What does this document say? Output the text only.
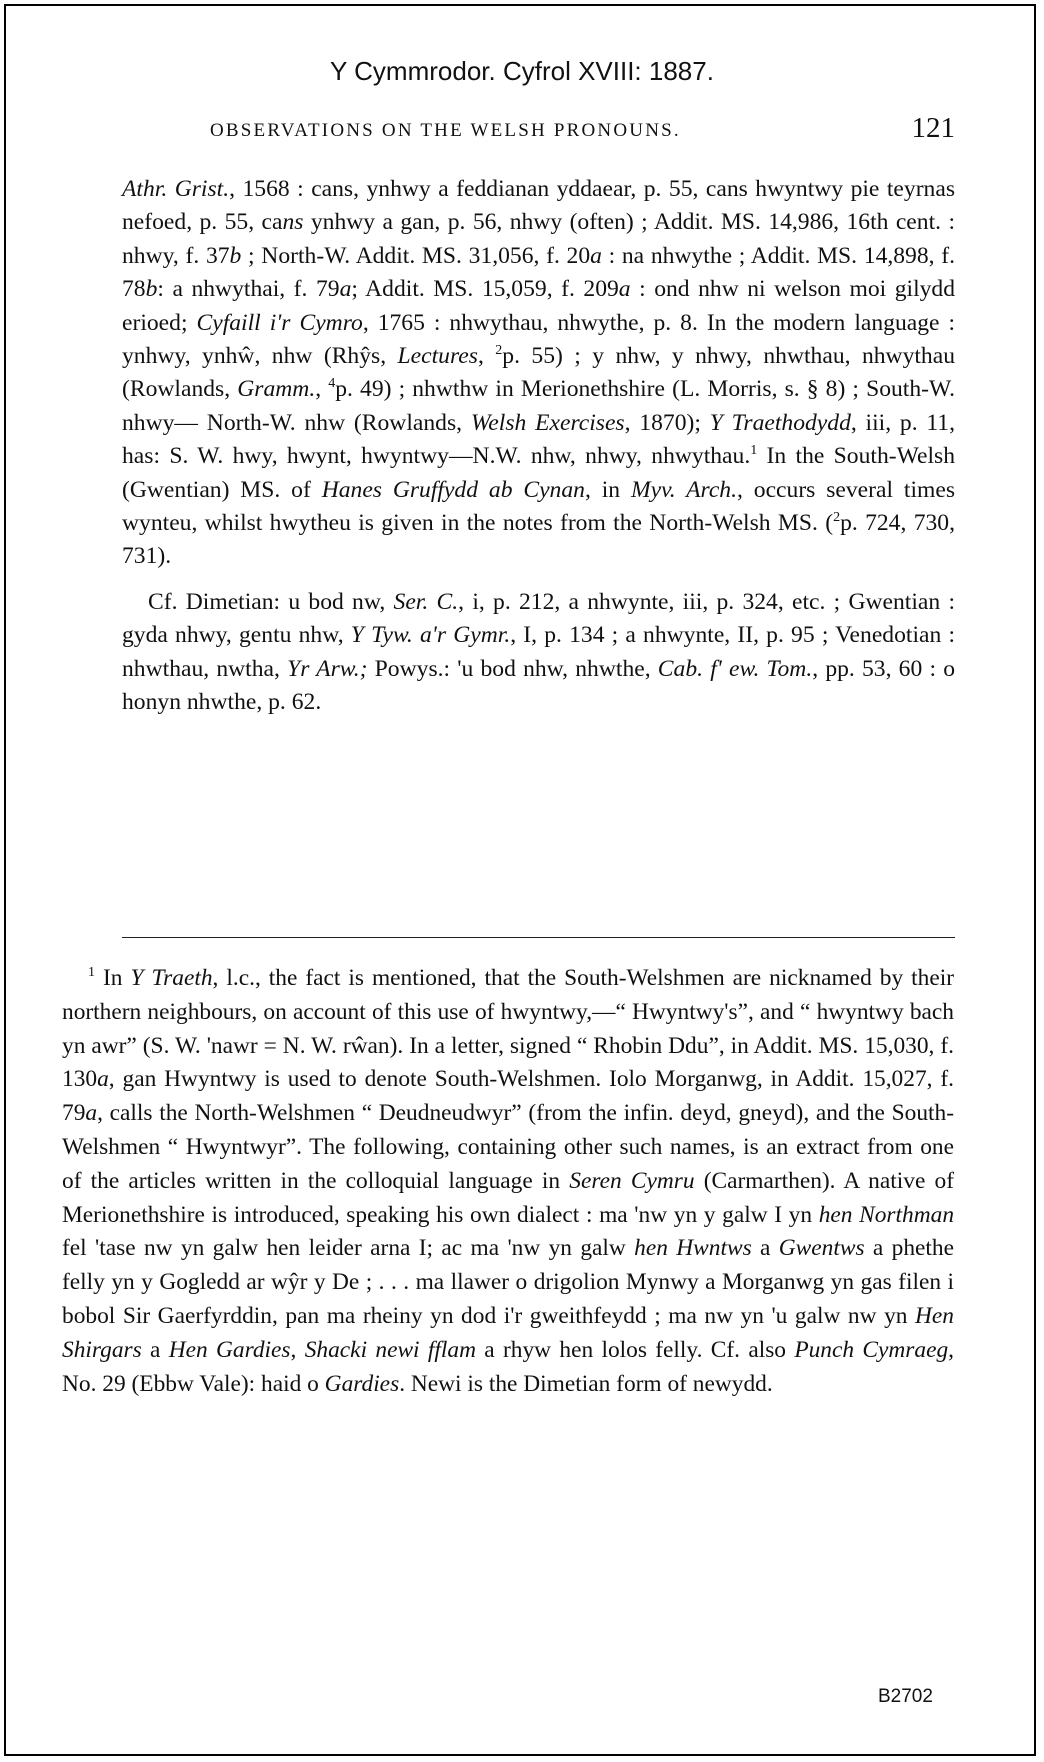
Y Cymmrodor. Cyfrol XVIII: 1887.
OBSERVATIONS ON THE WELSH PRONOUNS.	121

Athr. Grist., 1568 : cans, ynhwy a feddianan yddaear, p. 55, cans hwyntwy pie teyrnas nefoed, p. 55, cans ynhwy a gan, p. 56, nhwy (often) ; Addit. MS. 14,986, 16th cent. : nhwy, f. 37b ; North-W. Addit. MS. 31,056, f. 20a : na nhwythe ; Addit. MS. 14,898, f. 78b: a nhwythai, f. 79a; Addit. MS. 15,059, f. 209a : ond nhw ni welson moi gilydd erioed; Cyfaill i'r Cymro, 1765 : nhwythau, nhwythe, p. 8. In the modern language : ynhwy, ynhŵ, nhw (Rhŷs, Lectures, $^2$p. 55) ; y nhw, y nhwy, nhwthau, nhwythau (Rowlands, Gramm., $^4$p. 49) ; nhwthw in Merionethshire (L. Morris, s. § 8) ; South-W. nhwy— North-W. nhw (Rowlands, Welsh Exercises, 1870); Y Traethodydd, iii, p. 11, has: S. W. hwy, hwynt, hwyntwy—N.W. nhw, nhwy, nhwythau.$^1$ In the South-Welsh (Gwentian) MS. of Hanes Gruffydd ab Cynan, in Myv. Arch., occurs several times wynteu, whilst hwytheu is given in the notes from the North-Welsh MS. ($^2$p. 724, 730, 731).

Cf. Dimetian: u bod nw, Ser. C., i, p. 212, a nhwynte, iii, p. 324, etc. ; Gwentian : gyda nhwy, gentu nhw, Y Tyw. a'r Gymr., I, p. 134 ; a nhwynte, II, p. 95 ; Venedotian : nhwthau, nwtha, Yr Arw.; Powys.: 'u bod nhw, nhwthe, Cab. f' ew. Tom., pp. 53, 60 : o honyn nhwthe, p. 62.

$^1$ In Y Traeth, l.c., the fact is mentioned, that the South-Welshmen are nicknamed by their northern neighbours, on account of this use of hwyntwy,—“ Hwyntwy's”, and “ hwyntwy bach yn awr” (S. W. 'nawr = N. W. rŵan). In a letter, signed “ Rhobin Ddu”, in Addit. MS. 15,030, f. 130a, gan Hwyntwy is used to denote South-Welshmen. Iolo Morganwg, in Addit. 15,027, f. 79a, calls the North-Welshmen “ Deudneudwyr” (from the infin. deyd, gneyd), and the South-Welshmen “ Hwyntwyr”. The following, containing other such names, is an extract from one of the articles written in the colloquial language in Seren Cymru (Carmarthen). A native of Merionethshire is introduced, speaking his own dialect : ma 'nw yn y galw I yn hen Northman fel 'tase nw yn galw hen leider arna I; ac ma 'nw yn galw hen Hwntws a Gwentws a phethe felly yn y Gogledd ar wŷr y De ; . . . ma llawer o drigolion Mynwy a Morganwg yn gas filen i bobol Sir Gaerfyrddin, pan ma rheiny yn dod i'r gweithfeydd ; ma nw yn 'u galw nw yn Hen Shirgars a Hen Gardies, Shacki newi fflam a rhyw hen lolos felly. Cf. also Punch Cymraeg, No. 29 (Ebbw Vale): haid o Gardies. Newi is the Dimetian form of newydd.

B2702
